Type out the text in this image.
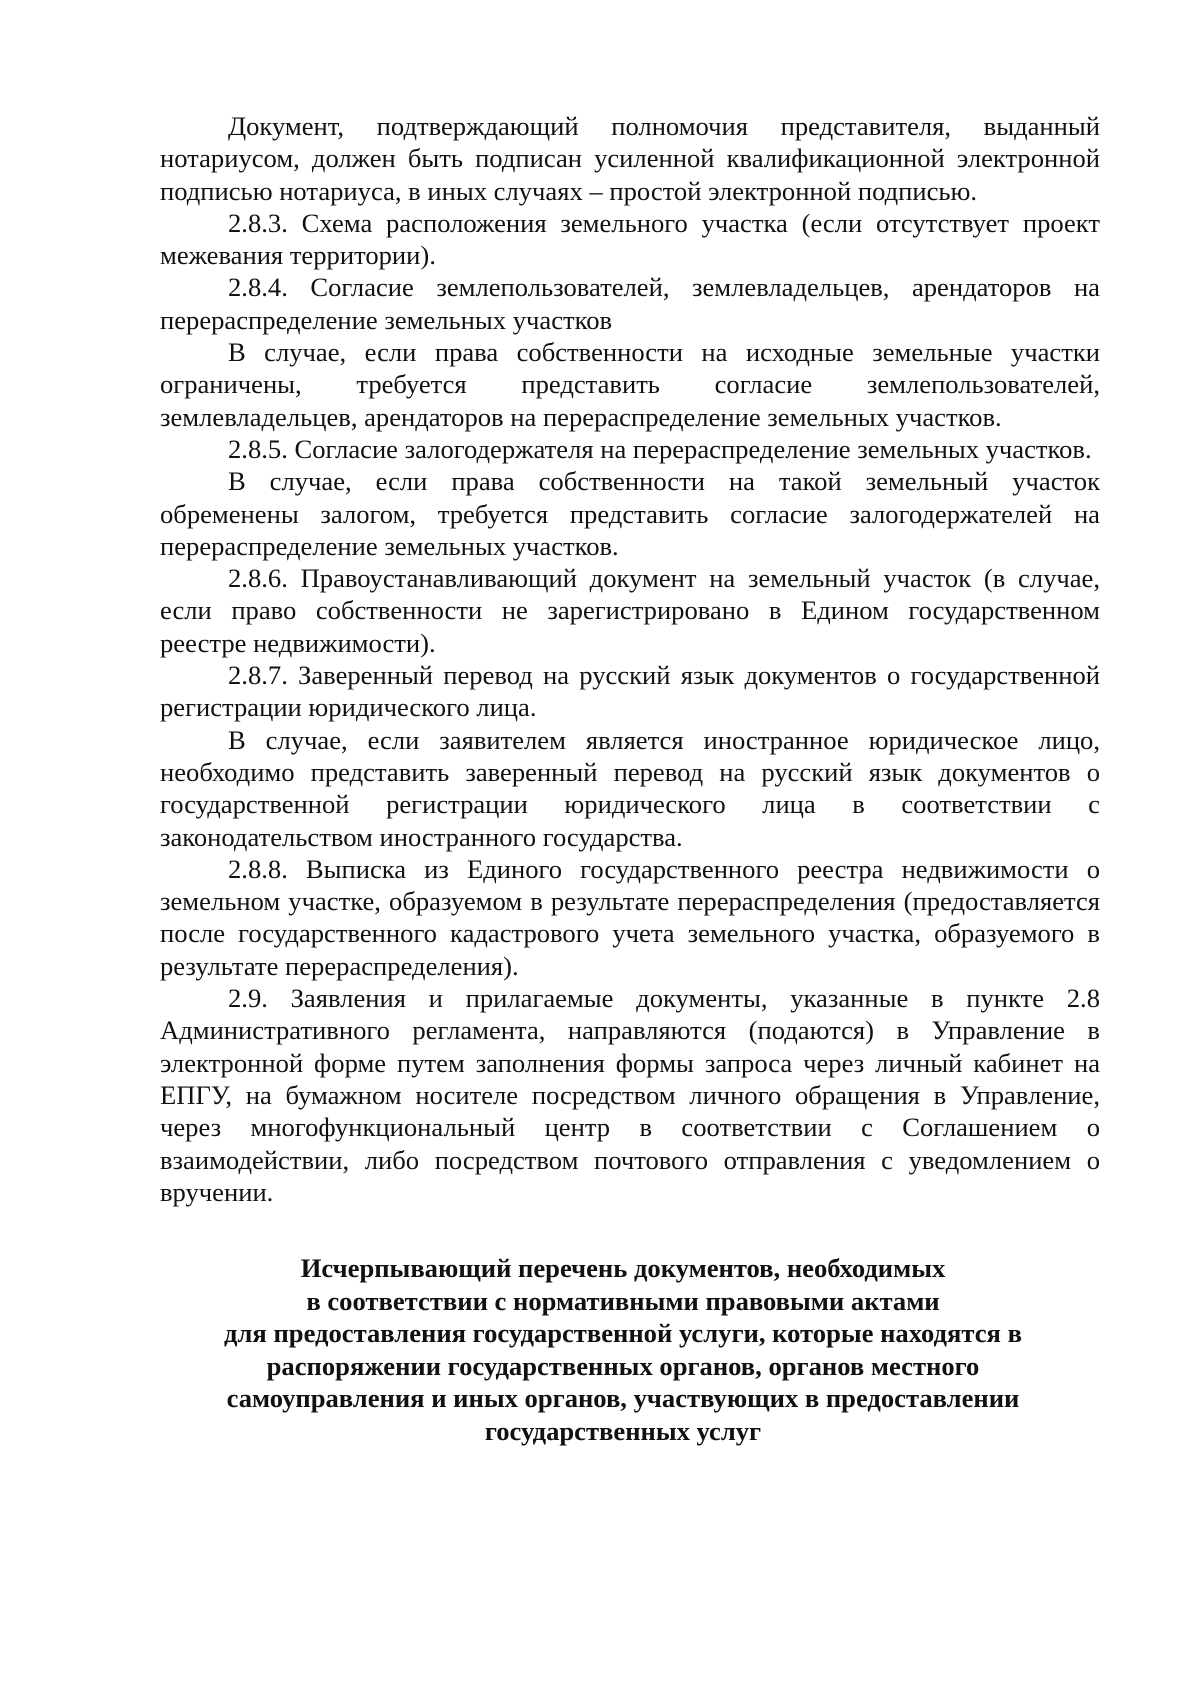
Документ, подтверждающий полномочия представителя, выданный нотариусом, должен быть подписан усиленной квалификационной электронной подписью нотариуса, в иных случаях – простой электронной подписью.

2.8.3. Схема расположения земельного участка (если отсутствует проект межевания территории).

2.8.4. Согласие землепользователей, землевладельцев, арендаторов на перераспределение земельных участков

В случае, если права собственности на исходные земельные участки ограничены, требуется представить согласие землепользователей, землевладельцев, арендаторов на перераспределение земельных участков.

2.8.5. Согласие залогодержателя на перераспределение земельных участков.

В случае, если права собственности на такой земельный участок обременены залогом, требуется представить согласие залогодержателей на перераспределение земельных участков.

2.8.6. Правоустанавливающий документ на земельный участок (в случае, если право собственности не зарегистрировано в Едином государственном реестре недвижимости).

2.8.7. Заверенный перевод на русский язык документов о государственной регистрации юридического лица.

В случае, если заявителем является иностранное юридическое лицо, необходимо представить заверенный перевод на русский язык документов о государственной регистрации юридического лица в соответствии с законодательством иностранного государства.

2.8.8. Выписка из Единого государственного реестра недвижимости о земельном участке, образуемом в результате перераспределения (предоставляется после государственного кадастрового учета земельного участка, образуемого в результате перераспределения).

2.9. Заявления и прилагаемые документы, указанные в пункте 2.8 Административного регламента, направляются (подаются) в Управление в электронной форме путем заполнения формы запроса через личный кабинет на ЕПГУ, на бумажном носителе посредством личного обращения в Управление, через многофункциональный центр в соответствии с Соглашением о взаимодействии, либо посредством почтового отправления с уведомлением о вручении.

Исчерпывающий перечень документов, необходимых
в соответствии с нормативными правовыми актами
для предоставления государственной услуги, которые находятся в
распоряжении государственных органов, органов местного
самоуправления и иных органов, участвующих в предоставлении
государственных услуг
